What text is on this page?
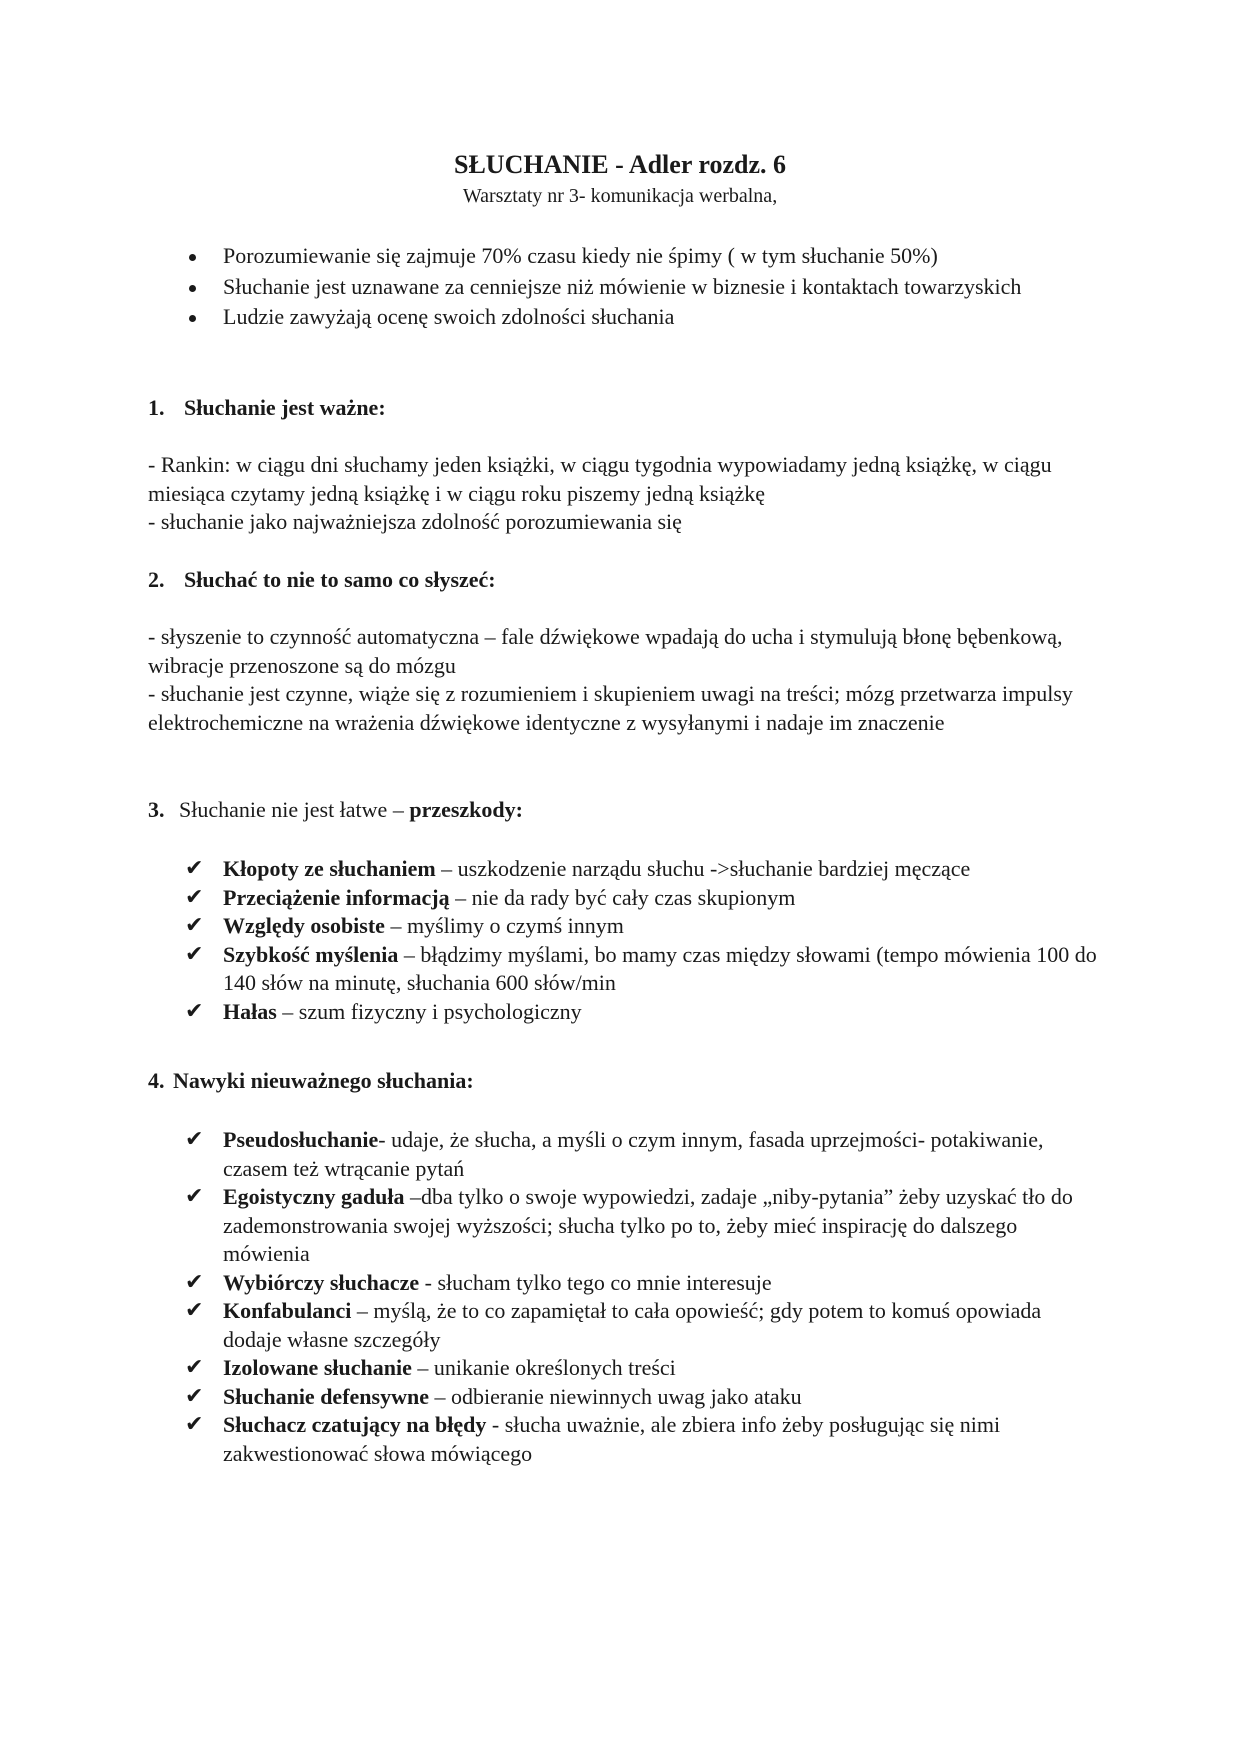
SŁUCHANIE - Adler rozdz. 6
Warsztaty nr 3- komunikacja werbalna,
Porozumiewanie się zajmuje 70% czasu kiedy nie śpimy ( w tym słuchanie 50%)
Słuchanie jest uznawane za cenniejsze niż mówienie w biznesie i kontaktach towarzyskich
Ludzie zawyżają ocenę swoich zdolności słuchania
1. Słuchanie jest ważne:

- Rankin: w ciągu dni słuchamy jeden książki, w ciągu tygodnia wypowiadamy jedną książkę, w ciągu miesiąca czytamy jedną książkę i w ciągu roku piszemy jedną książkę

- słuchanie jako najważniejsza zdolność porozumiewania się

2. Słuchać to nie to samo co słyszeć:

- słyszenie to czynność automatyczna – fale dźwiękowe wpadają do ucha i stymulują błonę bębenkową, wibracje przenoszone są do mózgu

- słuchanie jest czynne, wiąże się z rozumieniem i skupieniem uwagi na treści; mózg przetwarza impulsy elektrochemiczne na wrażenia dźwiękowe identyczne z wysyłanymi i nadaje im znaczenie

3. Słuchanie nie jest łatwe – przeszkody:
✔ Kłopoty ze słuchaniem – uszkodzenie narządu słuchu ->słuchanie bardziej męczące
✔ Przeciążenie informacją – nie da rady być cały czas skupionym
✔ Względy osobiste – myślimy o czymś innym
✔ Szybkość myślenia – błądzimy myślami, bo mamy czas między słowami (tempo mówienia 100 do 140 słów na minutę, słuchania 600 słów/min
✔ Hałas – szum fizyczny i psychologiczny
4. Nawyki nieuważnego słuchania:
✔ Pseudosłuchanie- udaje, że słucha, a myśli o czym innym, fasada uprzejmości- potakiwanie, czasem też wtrącanie pytań
✔ Egoistyczny gaduła –dba tylko o swoje wypowiedzi, zadaje „niby-pytania” żeby uzyskać tło do zademonstrowania swojej wyższości; słucha tylko po to, żeby mieć inspirację do dalszego mówienia
✔ Wybiórczy słuchacze - słucham tylko tego co mnie interesuje
✔ Konfabulanci – myślą, że to co zapamiętał to cała opowieść; gdy potem to komuś opowiada dodaje własne szczegóły
✔ Izolowane słuchanie – unikanie określonych treści
✔ Słuchanie defensywne – odbieranie niewinnych uwag jako ataku
✔ Słuchacz czatujący na błędy - słucha uważnie, ale zbiera info żeby posługując się nimi zakwestionować słowa mówiącego
